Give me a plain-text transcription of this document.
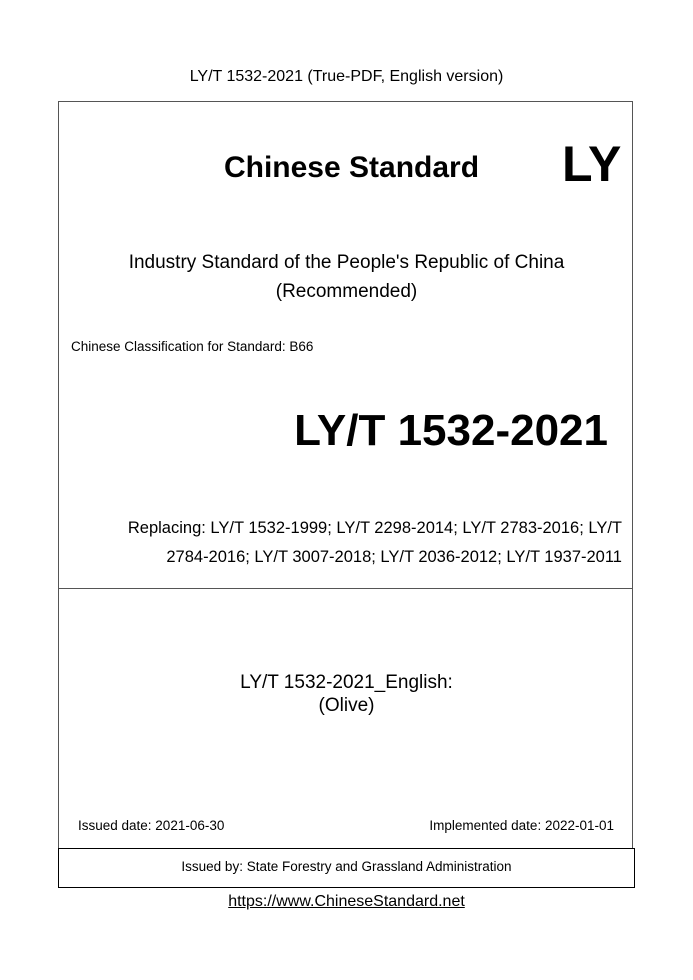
LY/T 1532-2021 (True-PDF, English version)
Chinese Standard	LY
Industry Standard of the People's Republic of China
(Recommended)
Chinese Classification for Standard: B66
LY/T 1532-2021
Replacing: LY/T 1532-1999; LY/T 2298-2014; LY/T 2783-2016; LY/T
2784-2016; LY/T 3007-2018; LY/T 2036-2012; LY/T 1937-2011
LY/T 1532-2021_English:
(Olive)
Issued date: 2021-06-30	Implemented date: 2022-01-01
Issued by: State Forestry and Grassland Administration
https://www.ChineseStandard.net
